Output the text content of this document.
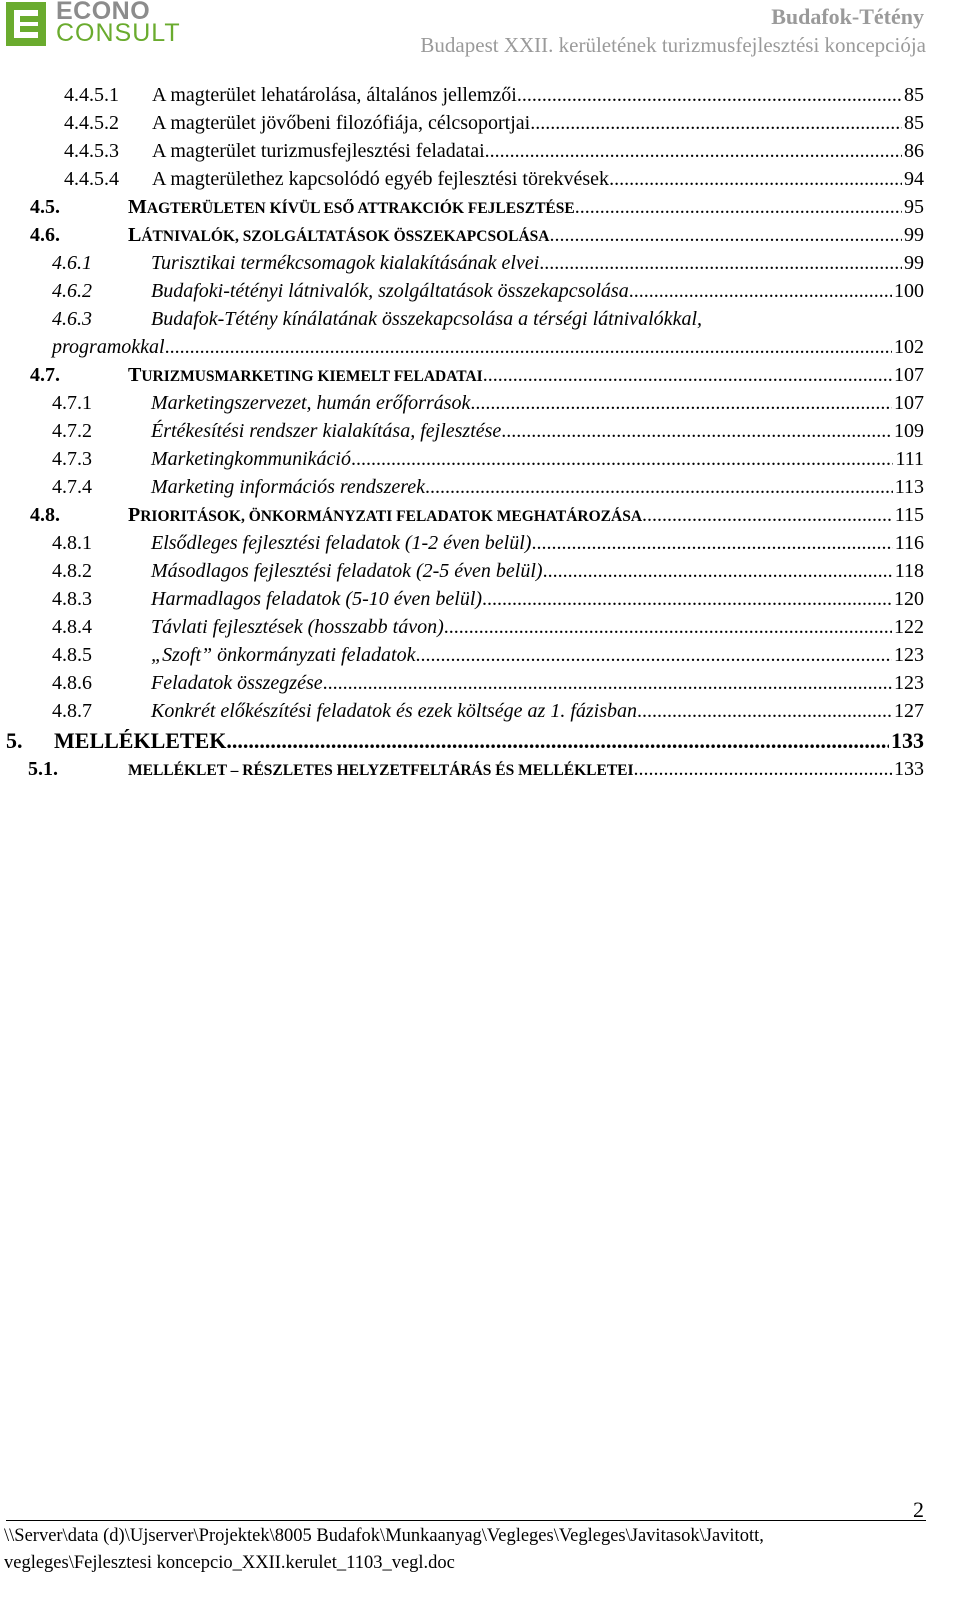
ECONO
CONSULT
Budafok-Tétény
Budapest XXII. kerületének turizmusfejlesztési koncepciója
4.4.5.1	A magterület lehatárolása, általános jellemzői .....	85
4.4.5.2	A magterület jövőbeni filozófiája, célcsoportjai .....	85
4.4.5.3	A magterület turizmusfejlesztési feladatai .....	86
4.4.5.4	A magterülethez kapcsolódó egyéb fejlesztési törekvések .....	94
4.5.	MAGTERÜLETEN KÍVÜL ESŐ ATTRAKCIÓK FEJLESZTÉSE .....	95
4.6.	LÁTNIVALÓK, SZOLGÁLTATÁSOK ÖSSZEKAPCSOLÁSA .....	99
4.6.1	Turisztikai termékcsomagok kialakításának elvei .....	99
4.6.2	Budafoki-tétényi látnivalók, szolgáltatások összekapcsolása .....	100
4.6.3	Budafok-Tétény kínálatának összekapcsolása a térségi látnivalókkal,
programokkal .....	102
4.7.	TURIZMUSMARKETING KIEMELT FELADATAI .....	107
4.7.1	Marketingszervezet, humán erőforrások .....	107
4.7.2	Értékesítési rendszer kialakítása, fejlesztése .....	109
4.7.3	Marketingkommunikáció .....	111
4.7.4	Marketing információs rendszerek .....	113
4.8.	PRIORITÁSOK, ÖNKORMÁNYZATI FELADATOK MEGHATÁROZÁSA .....	115
4.8.1	Elsődleges fejlesztési feladatok (1-2 éven belül) .....	116
4.8.2	Másodlagos fejlesztési feladatok (2-5 éven belül) .....	118
4.8.3	Harmadlagos feladatok (5-10 éven belül) .....	120
4.8.4	Távlati fejlesztések (hosszabb távon) .....	122
4.8.5	„Szoft” önkormányzati feladatok .....	123
4.8.6	Feladatok összegzése .....	123
4.8.7	Konkrét előkészítési feladatok és ezek költsége az 1. fázisban .....	127
5.	MELLÉKLETEK .....	133
5.1.	MELLÉKLET – RÉSZLETES HELYZETFELTÁRÁS ÉS MELLÉKLETEI .....	133
2
\\Server\data (d)\Ujserver\Projektek\8005 Budafok\Munkaanyag\Vegleges\Vegleges\Javitasok\Javitott,
vegleges\Fejlesztesi koncepcio_XXII.kerulet_1103_vegl.doc
